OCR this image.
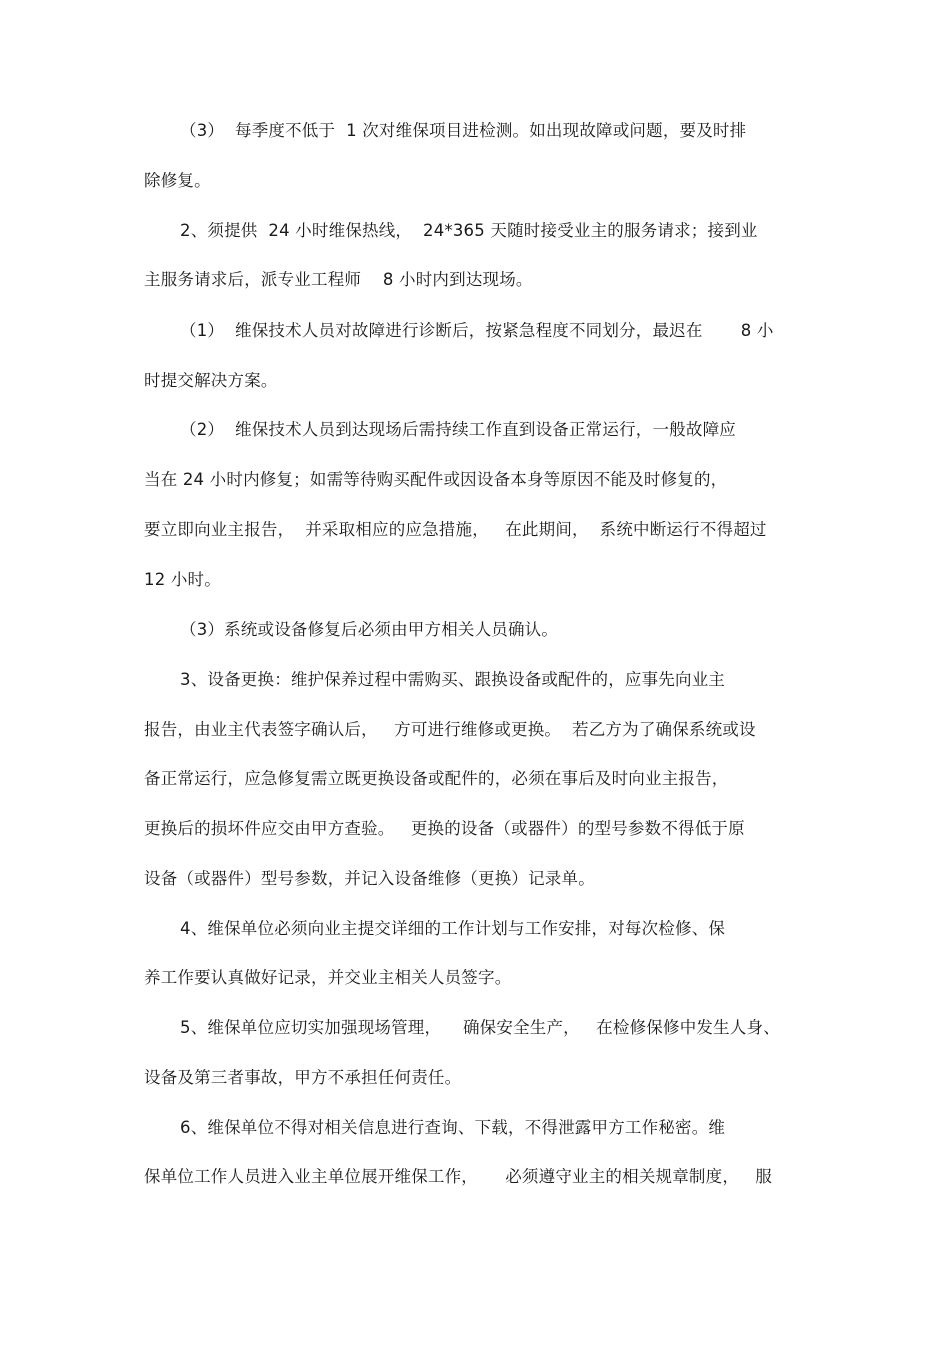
（3）  每季度不低于  1 次对维保项目进检测。如出现故障或问题，要及时排
除修复。
2、须提供  24 小时维保热线，  24*365 天随时接受业主的服务请求；接到业
主服务请求后，派专业工程师    8 小时内到达现场。
（1）  维保技术人员对故障进行诊断后，按紧急程度不同划分，最迟在       8 小
时提交解决方案。
（2）  维保技术人员到达现场后需持续工作直到设备正常运行，一般故障应
当在 24 小时内修复；如需等待购买配件或因设备本身等原因不能及时修复的，
要立即向业主报告，  并采取相应的应急措施，   在此期间，  系统中断运行不得超过
12 小时。
（3）系统或设备修复后必须由甲方相关人员确认。
3、设备更换：维护保养过程中需购买、跟换设备或配件的，应事先向业主
报告，由业主代表签字确认后，   方可进行维修或更换。  若乙方为了确保系统或设
备正常运行，应急修复需立既更换设备或配件的，必须在事后及时向业主报告，
更换后的损坏件应交由甲方查验。   更换的设备（或器件）的型号参数不得低于原
设备（或器件）型号参数，并记入设备维修（更换）记录单。
4、维保单位必须向业主提交详细的工作计划与工作安排，对每次检修、保
养工作要认真做好记录，并交业主相关人员签字。
5、维保单位应切实加强现场管理，    确保安全生产，   在检修保修中发生人身、
设备及第三者事故，甲方不承担任何责任。
6、维保单位不得对相关信息进行查询、下载，不得泄露甲方工作秘密。维
保单位工作人员进入业主单位展开维保工作，     必须遵守业主的相关规章制度，   服
